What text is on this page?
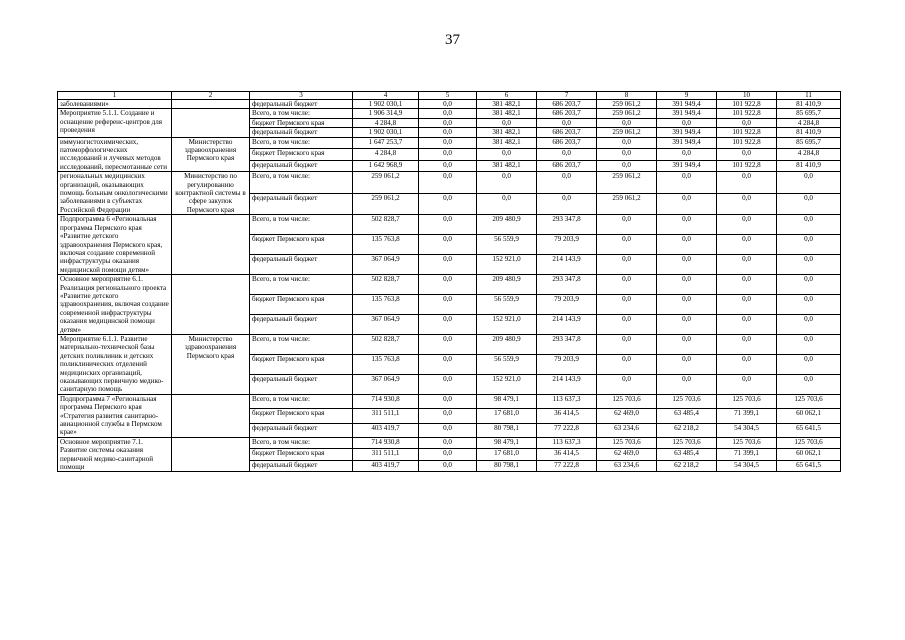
37
1	2	3	4	5	6	7	8	9	10	11
заболеваниями»		федеральный бюджет	1 902 030,1	0,0	381 482,1	686 203,7	259 061,2	391 949,4	101 922,8	81 410,9
Мероприятие 5.1.1. Создание и оснащение референс-центров для проведения		Всего, в том числе:	1 906 314,9	0,0	381 482,1	686 203,7	259 061,2	391 949,4	101 922,8	85 695,7
		бюджет Пермского края	4 284,8	0,0	0,0	0,0	0,0	0,0	0,0	4 284,8
		федеральный бюджет	1 902 030,1	0,0	381 482,1	686 203,7	259 061,2	391 949,4	101 922,8	81 410,9
иммуногистохимических, патоморфологических исследований и лучевых методов исследований, пересмотанные сети	Министерство здравоохранения Пермского края	Всего, в том числе:	1 647 253,7	0,0	381 482,1	686 203,7	0,0	391 949,4	101 922,8	85 695,7
		бюджет Пермского края	4 284,8	0,0	0,0	0,0	0,0	0,0	0,0	4 284,8
		федеральный бюджет	1 642 968,9	0,0	381 482,1	686 203,7	0,0	391 949,4	101 922,8	81 410,9
региональных медицинских организаций, оказывающих помощь больным онкологическими заболеваниями в субъектах Российской Федерации	Министерство по регулированию контрактной системы в сфере закупок Пермского края	Всего, в том числе:	259 061,2	0,0	0,0	0,0	259 061,2	0,0	0,0	0,0
		федеральный бюджет	259 061,2	0,0	0,0	0,0	259 061,2	0,0	0,0	0,0
Подпрограмма 6 «Региональная программа Пермского края «Развитие детского здравоохранения Пермского края, включая создание современной инфраструктуры оказания медицинской помощи детям»		Всего, в том числе:	502 828,7	0,0	209 480,9	293 347,8	0,0	0,0	0,0	0,0
		бюджет Пермского края	135 763,8	0,0	56 559,9	79 203,9	0,0	0,0	0,0	0,0
		федеральный бюджет	367 064,9	0,0	152 921,0	214 143,9	0,0	0,0	0,0	0,0
Основное мероприятие 6.1. Реализация регионального проекта «Развитие детского здравоохранения, включая создание современной инфраструктуры оказания медицинской помощи детям»		Всего, в том числе:	502 828,7	0,0	209 480,9	293 347,8	0,0	0,0	0,0	0,0
		бюджет Пермского края	135 763,8	0,0	56 559,9	79 203,9	0,0	0,0	0,0	0,0
		федеральный бюджет	367 064,9	0,0	152 921,0	214 143,9	0,0	0,0	0,0	0,0
Мероприятие 6.1.1. Развитие материально-технической базы детских поликлиник и детских поликлинических отделений медицинских организаций, оказывающих первичную медико-санитарную помощь	Министерство здравоохранения Пермского края	Всего, в том числе:	502 828,7	0,0	209 480,9	293 347,8	0,0	0,0	0,0	0,0
		бюджет Пермского края	135 763,8	0,0	56 559,9	79 203,9	0,0	0,0	0,0	0,0
		федеральный бюджет	367 064,9	0,0	152 921,0	214 143,9	0,0	0,0	0,0	0,0
Подпрограмма 7 «Региональная программа Пермского края «Стратегия развития санитарно-авиационной службы в Пермском крае»		Всего, в том числе:	714 930,8	0,0	98 479,1	113 637,3	125 703,6	125 703,6	125 703,6	125 703,6
		бюджет Пермского края	311 511,1	0,0	17 681,0	36 414,5	62 469,0	63 485,4	71 399,1	60 062,1
		федеральный бюджет	403 419,7	0,0	80 798,1	77 222,8	63 234,6	62 218,2	54 304,5	65 641,5
Основное мероприятие 7.1. Развитие системы оказания первичной медико-санитарной помощи		Всего, в том числе:	714 930,8	0,0	98 479,1	113 637,3	125 703,6	125 703,6	125 703,6	125 703,6
		бюджет Пермского края	311 511,1	0,0	17 681,0	36 414,5	62 469,0	63 485,4	71 399,1	60 062,1
		федеральный бюджет	403 419,7	0,0	80 798,1	77 222,8	63 234,6	62 218,2	54 304,5	65 641,5
